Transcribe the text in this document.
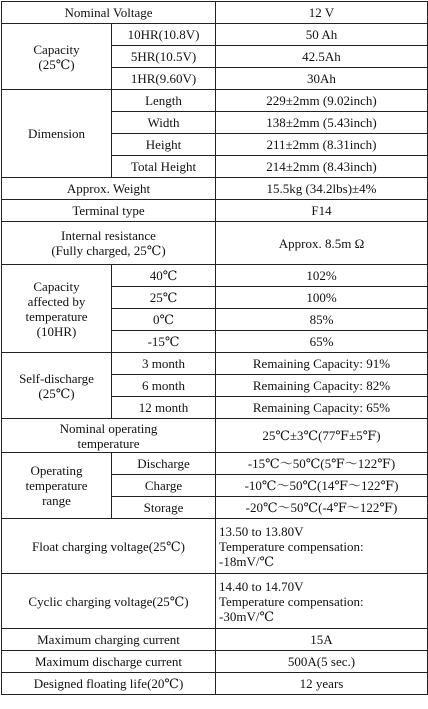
Nominal Voltage		12 V

Capacity
(25℃)	10HR(10.8V)	50 Ah
	5HR(10.5V)	42.5Ah
	1HR(9.60V)	30Ah
Dimension	Length	229±2mm (9.02inch)
	Width	138±2mm (5.43inch)
	Height	211±2mm (8.31inch)
	Total Height	214±2mm (8.43inch)
Approx. Weight		15.5kg (34.2lbs)±4%
Terminal type		F14

Internal resistance
(Fully charged, 25℃)		Approx. 8.5m Ω

Capacity
affected by
temperature
(10HR)	40℃	102%
	25℃	100%
	0℃	85%
	-15℃	65%

Self-discharge
(25℃)	3 month	Remaining Capacity: 91%
	6 month	Remaining Capacity: 82%
	12 month	Remaining Capacity: 65%

Nominal operating
temperature		25℃±3℃(77℉±5℉)

Operating
temperature
range	Discharge	-15℃～50℃(5℉～122℉)
	Charge	-10℃～50℃(14℉～122℉)
	Storage	-20℃～50℃(-4℉～122℉)
Float charging voltage(25℃)		13.50 to 13.80V
Temperature compensation:
-18mV/℃

Cyclic charging voltage(25℃)		14.40 to 14.70V
Temperature compensation:
-30mV/℃

Maximum charging current		15A
Maximum discharge current		500A(5 sec.)
Designed floating life(20℃)		12 years
